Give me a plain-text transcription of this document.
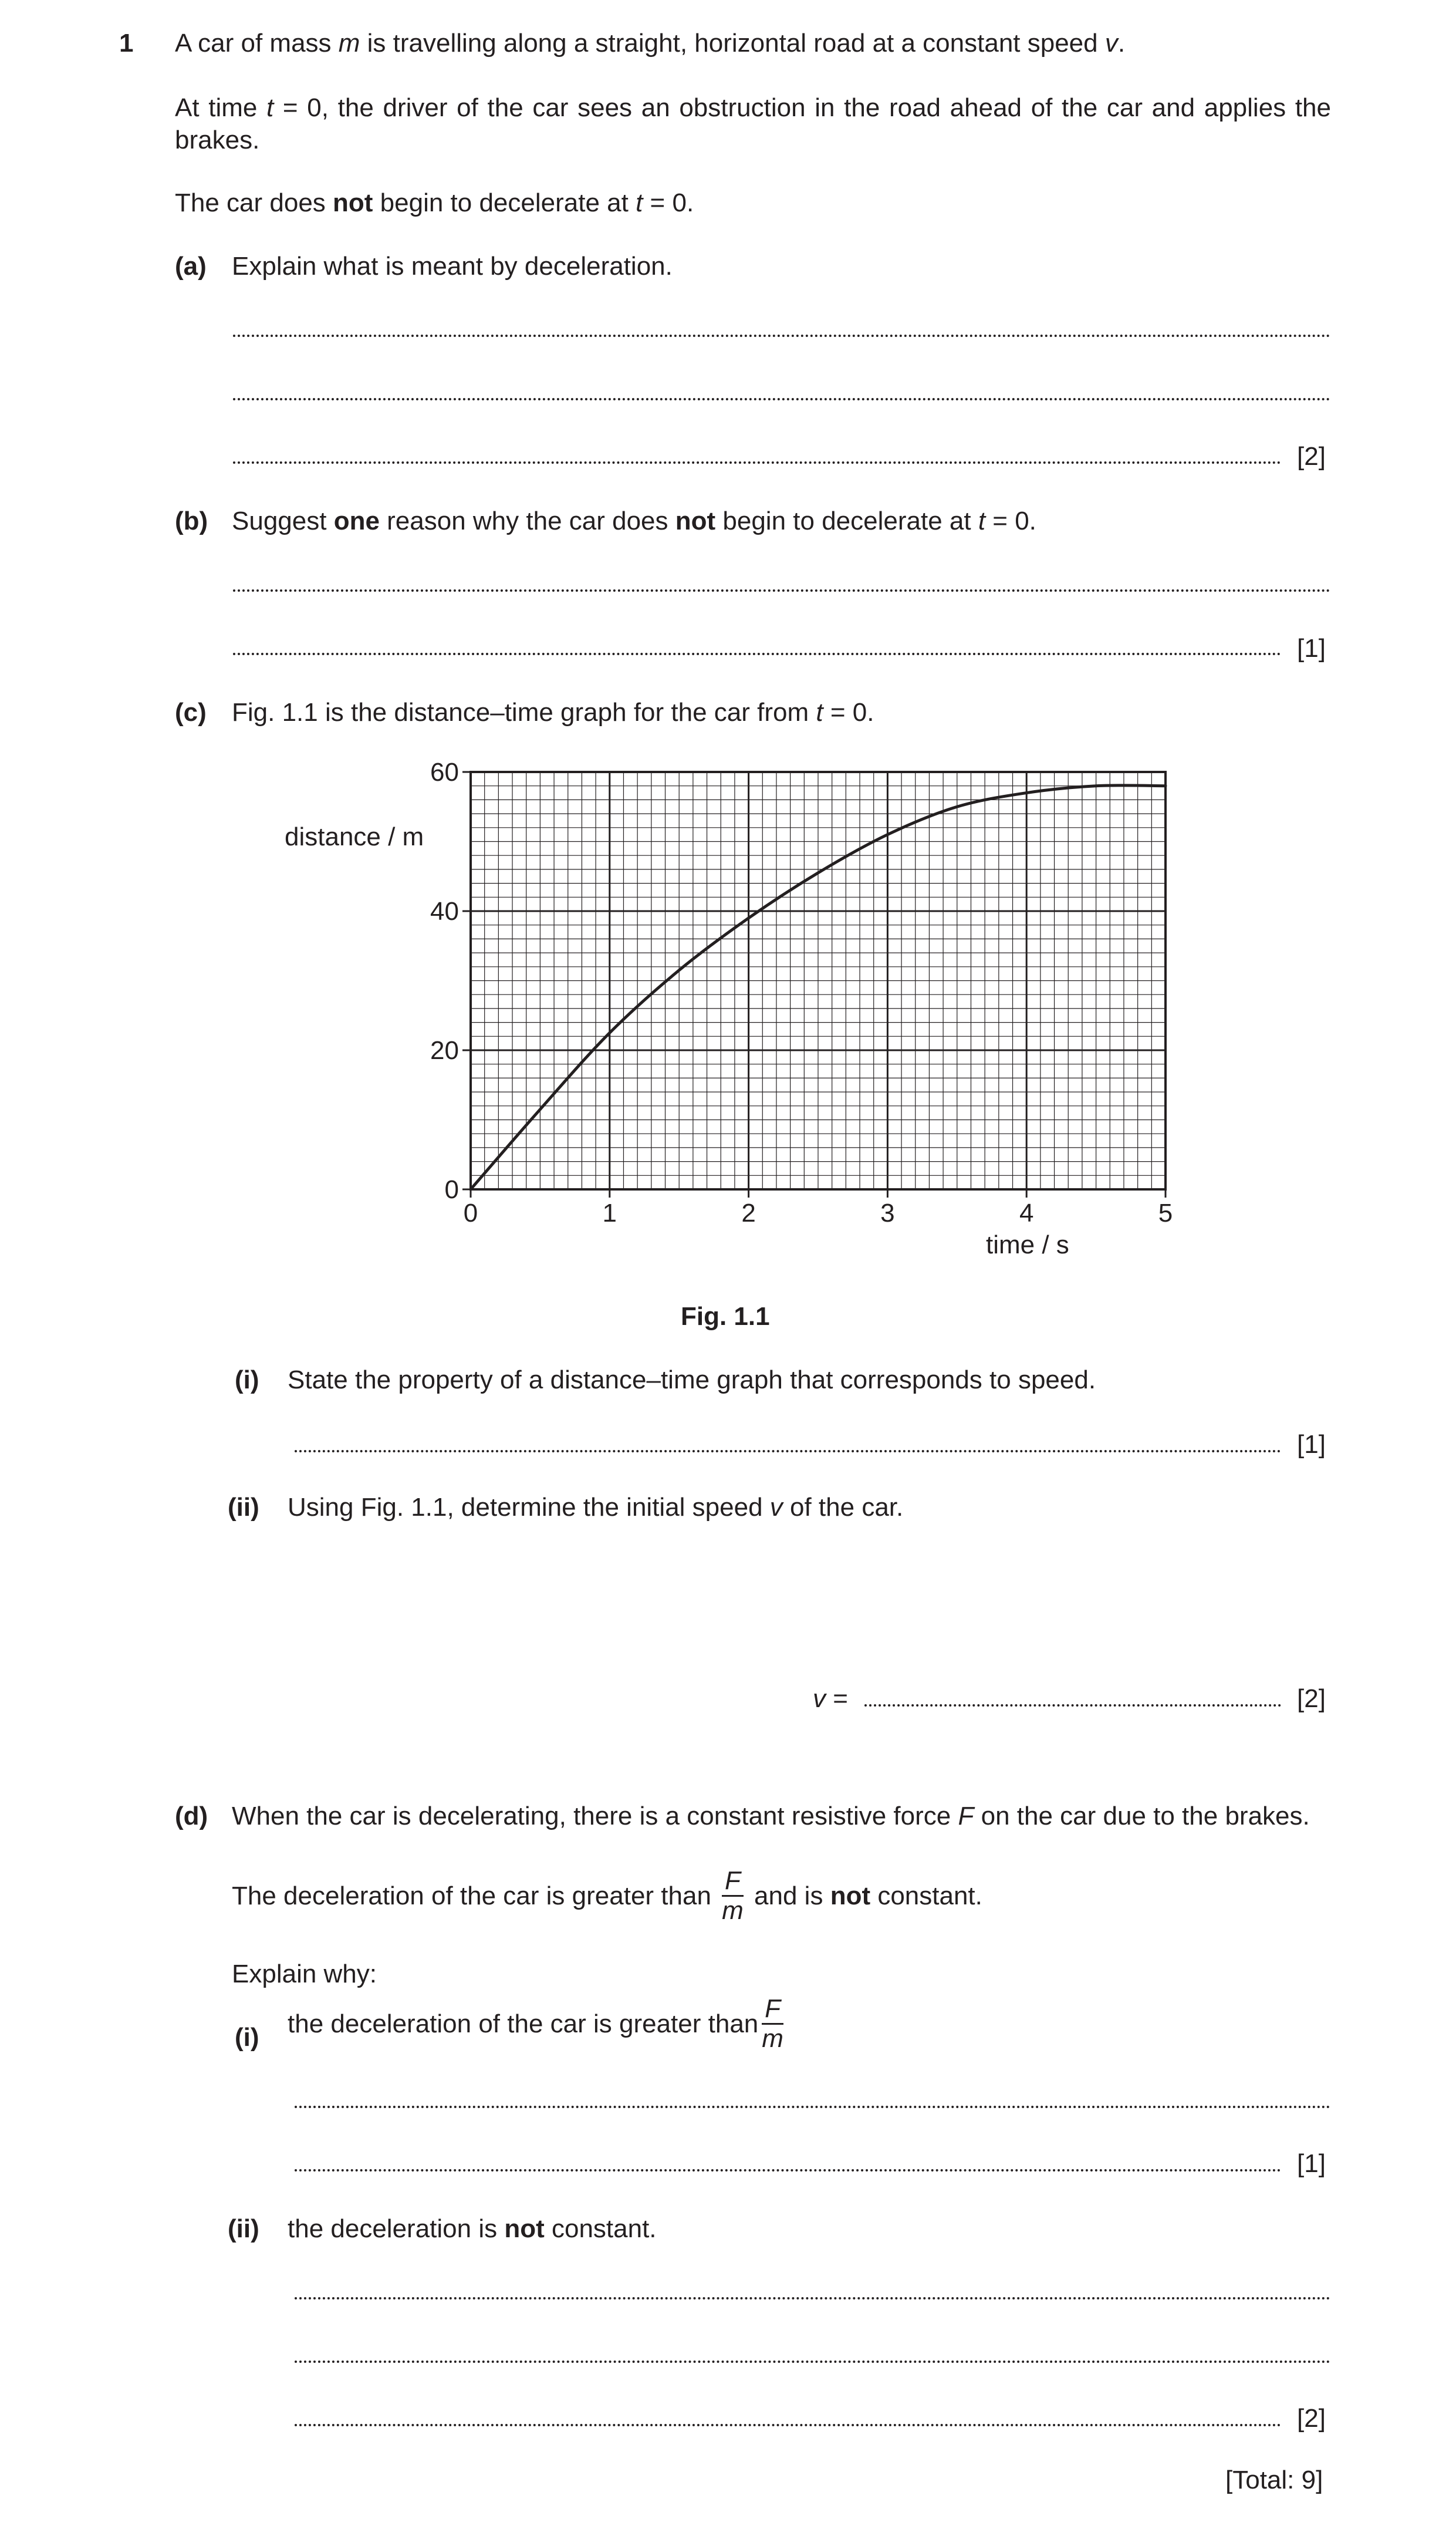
1 A car of mass m is travelling along a straight, horizontal road at a constant speed v.
At time t = 0, the driver of the car sees an obstruction in the road ahead of the car and applies the brakes.
The car does not begin to decelerate at t = 0.
(a) Explain what is meant by deceleration.
[2]
(b) Suggest one reason why the car does not begin to decelerate at t = 0.
[1]
(c) Fig. 1.1 is the distance–time graph for the car from t = 0.
0	1	2	3	4	5
0
20
40
60
distance / m
time / s
Fig. 1.1
(i) State the property of a distance–time graph that corresponds to speed.
[1]
(ii) Using Fig. 1.1, determine the initial speed v of the car.
v =	[2]
(d) When the car is decelerating, there is a constant resistive force F on the car due to the brakes.
The deceleration of the car is greater than $\frac{F}{m}$ and is not constant.
Explain why:
(i) the deceleration of the car is greater than $\frac{F}{m}$
[1]
(ii) the deceleration is not constant.
[2]
[Total: 9]
